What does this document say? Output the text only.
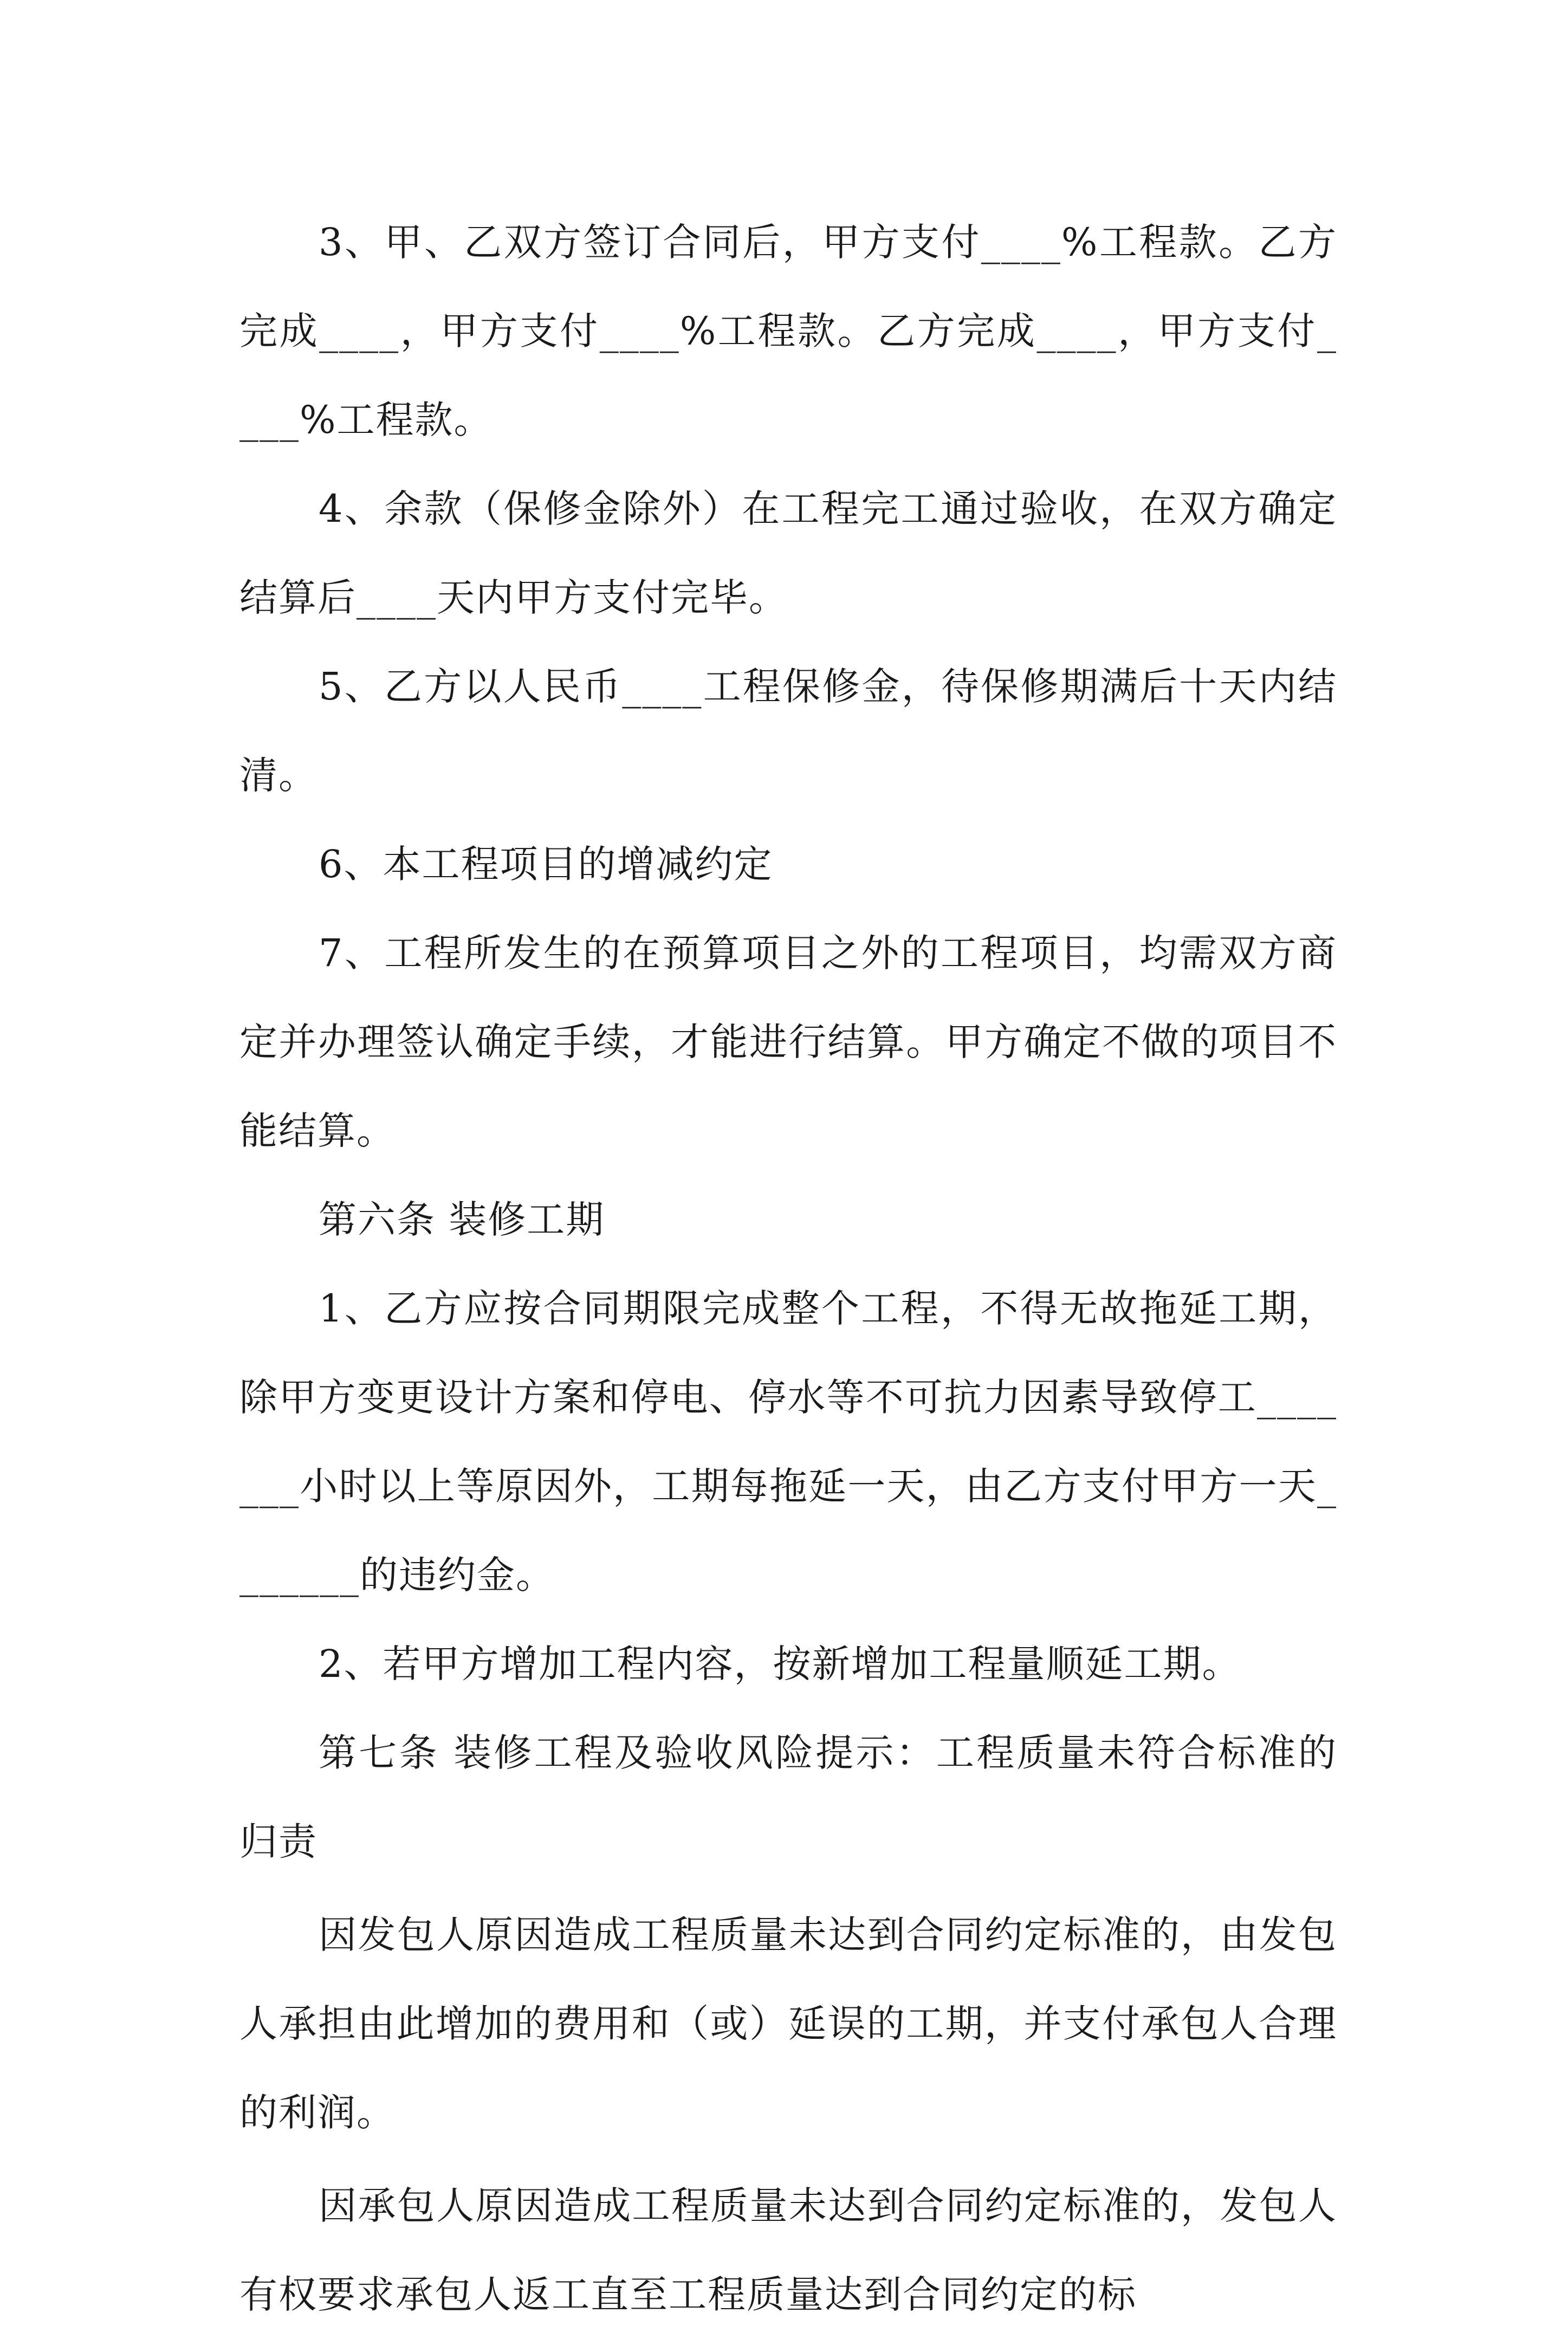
3、甲、乙双方签订合同后，甲方支付____%工程款。乙方完成____，甲方支付____%工程款。乙方完成____，甲方支付____%工程款。

4、余款（保修金除外）在工程完工通过验收，在双方确定结算后____天内甲方支付完毕。

5、乙方以人民币____工程保修金，待保修期满后十天内结清。

6、本工程项目的增减约定

7、工程所发生的在预算项目之外的工程项目，均需双方商定并办理签认确定手续，才能进行结算。甲方确定不做的项目不能结算。

第六条 装修工期

1、乙方应按合同期限完成整个工程，不得无故拖延工期，除甲方变更设计方案和停电、停水等不可抗力因素导致停工_______小时以上等原因外，工期每拖延一天，由乙方支付甲方一天_______的违约金。

2、若甲方增加工程内容，按新增加工程量顺延工期。

第七条 装修工程及验收风险提示：工程质量未符合标准的归责

因发包人原因造成工程质量未达到合同约定标准的，由发包人承担由此增加的费用和（或）延误的工期，并支付承包人合理的利润。

因承包人原因造成工程质量未达到合同约定标准的，发包人有权要求承包人返工直至工程质量达到合同约定的标
